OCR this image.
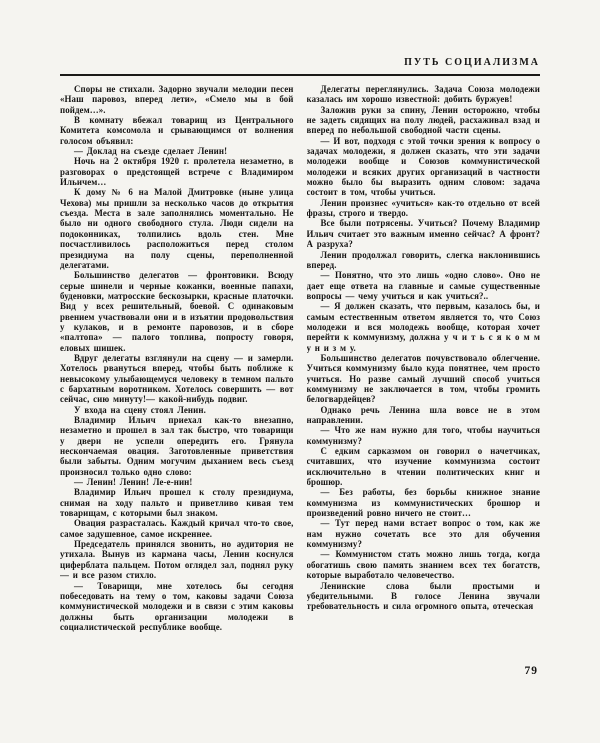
ПУТЬ СОЦИАЛИЗМА

Споры не стихали. Задорно звучали мелодии песен «Наш паровоз, вперед лети», «Смело мы в бой пойдем…».

В комнату вбежал товарищ из Центрального Комитета комсомола и срывающимся от волнения голосом объявил:

— Доклад на съезде сделает Ленин!

Ночь на 2 октября 1920 г. пролетела незаметно, в разговорах о предстоящей встрече с Владимиром Ильичем…

К дому № 6 на Малой Дмитровке (ныне улица Чехова) мы пришли за несколько часов до открытия съезда. Места в зале заполнялись моментально. Не было ни одного свободного стула. Люди сидели на подоконниках, толпились вдоль стен. Мне посчастливилось расположиться перед столом президиума на полу сцены, переполненной делегатами.

Большинство делегатов — фронтовики. Всюду серые шинели и черные кожанки, военные папахи, буденовки, матросские бескозырки, красные платочки. Вид у всех решительный, боевой. С одинаковым рвением участвовали они и в изъятии продовольствия у кулаков, и в ремонте паровозов, и в сборе «палтопа» — палого топлива, попросту говоря, еловых шишек.

Вдруг делегаты взглянули на сцену — и замерли. Хотелось рвануться вперед, чтобы быть поближе к невысокому улыбающемуся человеку в темном пальто с бархатным воротником. Хотелось совершить — вот сейчас, сию минуту!— какой-нибудь подвиг.

У входа на сцену стоял Ленин.

Владимир Ильич приехал как-то внезапно, незаметно и прошел в зал так быстро, что товарищи у двери не успели опередить его. Грянула нескончаемая овация. Заготовленные приветствия были забыты. Одним могучим дыханием весь съезд произносил только одно слово:

— Ленин! Ленин! Ле-е-нин!

Владимир Ильич прошел к столу президиума, снимая на ходу пальто и приветливо кивая тем товарищам, с которыми был знаком.

Овация разрасталась. Каждый кричал что-то свое, самое задушевное, самое искреннее.

Председатель принялся звонить, но аудитория не утихала. Вынув из кармана часы, Ленин коснулся циферблата пальцем. Потом оглядел зал, поднял руку — и все разом стихло.

— Товарищи, мне хотелось бы сегодня побеседовать на тему о том, каковы задачи Союза коммунистической молодежи и в связи с этим каковы должны быть организации молодежи в социалистической республике вообще.

Делегаты переглянулись. Задача Союза молодежи казалась им хорошо известной: добить буржуев!

Заложив руки за спину, Ленин осторожно, чтобы не задеть сидящих на полу людей, расхаживал взад и вперед по небольшой свободной части сцены.

— И вот, подходя с этой точки зрения к вопросу о задачах молодежи, я должен сказать, что эти задачи молодежи вообще и Союзов коммунистической молодежи и всяких других организаций в частности можно было бы выразить одним словом: задача состоит в том, чтобы учиться.

Ленин произнес «учиться» как-то отдельно от всей фразы, строго и твердо.

Все были потрясены. Учиться? Почему Владимир Ильич считает это важным именно сейчас? А фронт? А разруха?

Ленин продолжал говорить, слегка наклонившись вперед.

— Понятно, что это лишь «одно слово». Оно не дает еще ответа на главные и самые существенные вопросы — чему учиться и как учиться?..

— Я должен сказать, что первым, казалось бы, и самым естественным ответом является то, что Союз молодежи и вся молодежь вообще, которая хочет перейти к коммунизму, должна у ч и т ь с я к о м м у н и з м у.

Большинство делегатов почувствовало облегчение. Учиться коммунизму было куда понятнее, чем просто учиться. Но разве самый лучший способ учиться коммунизму не заключается в том, чтобы громить белогвардейцев?

Однако речь Ленина шла вовсе не в этом направлении.

— Что же нам нужно для того, чтобы научиться коммунизму?

С едким сарказмом он говорил о начетчиках, считавших, что изучение коммунизма состоит исключительно в чтении политических книг и брошюр.

— Без работы, без борьбы книжное знание коммунизма из коммунистических брошюр и произведений ровно ничего не стоит…

— Тут перед нами встает вопрос о том, как же нам нужно сочетать все это для обучения коммунизму?

— Коммунистом стать можно лишь тогда, когда обогатишь свою память знанием всех тех богатств, которые выработало человечество.

Ленинские слова были простыми и убедительными. В голосе Ленина звучали требовательность и сила огромного опыта, отеческая

79
